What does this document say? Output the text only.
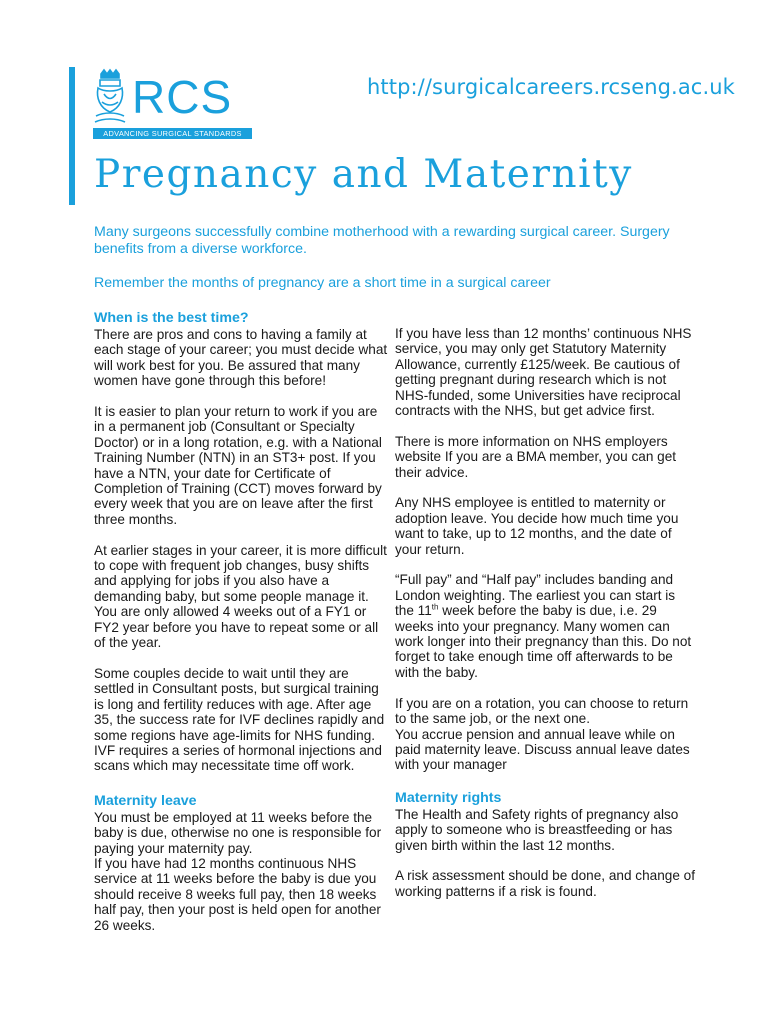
RCS
ADVANCING SURGICAL STANDARDS
http://surgicalcareers.rcseng.ac.uk
Pregnancy and Maternity

Many surgeons successfully combine motherhood with a rewarding surgical career. Surgery benefits from a diverse workforce.

Remember the months of pregnancy are a short time in a surgical career

When is the best time?

There are pros and cons to having a family at each stage of your career; you must decide what will work best for you. Be assured that many women have gone through this before!

It is easier to plan your return to work if you are in a permanent job (Consultant or Specialty Doctor) or in a long rotation, e.g. with a National Training Number (NTN) in an ST3+ post. If you have a NTN, your date for Certificate of Completion of Training (CCT) moves forward by every week that you are on leave after the first three months.

At earlier stages in your career, it is more difficult to cope with frequent job changes, busy shifts and applying for jobs if you also have a demanding baby, but some people manage it. You are only allowed 4 weeks out of a FY1 or FY2 year before you have to repeat some or all of the year.

Some couples decide to wait until they are settled in Consultant posts, but surgical training is long and fertility reduces with age. After age 35, the success rate for IVF declines rapidly and some regions have age-limits for NHS funding. IVF requires a series of hormonal injections and scans which may necessitate time off work.

Maternity leave

You must be employed at 11 weeks before the baby is due, otherwise no one is responsible for paying your maternity pay.

If you have had 12 months continuous NHS service at 11 weeks before the baby is due you should receive 8 weeks full pay, then 18 weeks half pay, then your post is held open for another 26 weeks.

If you have less than 12 months’ continuous NHS service, you may only get Statutory Maternity Allowance, currently £125/week. Be cautious of getting pregnant during research which is not NHS-funded, some Universities have reciprocal contracts with the NHS, but get advice first.

There is more information on NHS employers website If you are a BMA member, you can get their advice.

Any NHS employee is entitled to maternity or adoption leave. You decide how much time you want to take, up to 12 months, and the date of your return.

“Full pay” and “Half pay” includes banding and London weighting. The earliest you can start is the 11th week before the baby is due, i.e. 29 weeks into your pregnancy. Many women can work longer into their pregnancy than this. Do not forget to take enough time off afterwards to be with the baby.

If you are on a rotation, you can choose to return to the same job, or the next one.

You accrue pension and annual leave while on paid maternity leave. Discuss annual leave dates with your manager

Maternity rights

The Health and Safety rights of pregnancy also apply to someone who is breastfeeding or has given birth within the last 12 months.

A risk assessment should be done, and change of working patterns if a risk is found.
